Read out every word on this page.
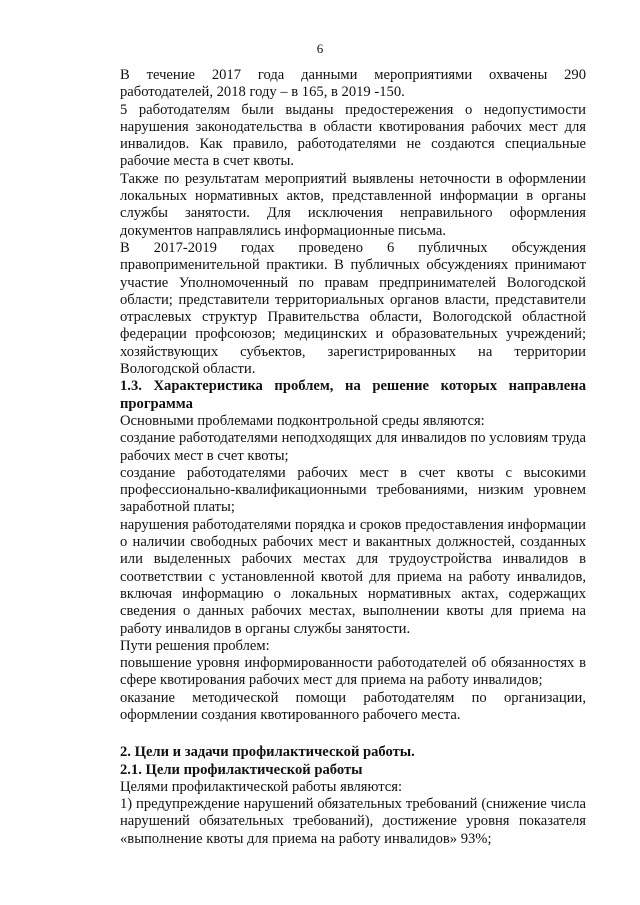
6

В течение 2017 года данными мероприятиями охвачены 290 работодателей, 2018 году – в 165, в 2019 -150.

5 работодателям были выданы предостережения о недопустимости нарушения законодательства в области квотирования рабочих мест для инвалидов. Как правило, работодателями не создаются специальные рабочие места в счет квоты.

Также по результатам мероприятий выявлены неточности в оформлении локальных нормативных актов, представленной информации в органы службы занятости. Для исключения неправильного оформления документов направлялись информационные письма.

В 2017-2019 годах проведено 6 публичных обсуждения правоприменительной практики. В публичных обсуждениях принимают участие Уполномоченный по правам предпринимателей Вологодской области; представители территориальных органов власти, представители отраслевых структур Правительства области, Вологодской областной федерации профсоюзов; медицинских и образовательных учреждений; хозяйствующих субъектов, зарегистрированных на территории Вологодской области.

1.3. Характеристика проблем, на решение которых направлена программа

Основными проблемами подконтрольной среды являются:

создание работодателями неподходящих для инвалидов по условиям труда рабочих мест в счет квоты;

создание работодателями рабочих мест в счет квоты с высокими профессионально-квалификационными требованиями, низким уровнем заработной платы;

нарушения работодателями порядка и сроков предоставления информации о наличии свободных рабочих мест и вакантных должностей, созданных или выделенных рабочих местах для трудоустройства инвалидов в соответствии с установленной квотой для приема на работу инвалидов, включая информацию о локальных нормативных актах, содержащих сведения о данных рабочих местах, выполнении квоты для приема на работу инвалидов в органы службы занятости.

Пути решения проблем:

повышение уровня информированности работодателей об обязанностях в сфере квотирования рабочих мест для приема на работу инвалидов;

оказание методической помощи работодателям по организации, оформлении создания квотированного рабочего места.

2. Цели и задачи профилактической работы.

2.1. Цели профилактической работы

Целями профилактической работы являются:

1) предупреждение нарушений обязательных требований (снижение числа нарушений обязательных требований), достижение уровня показателя «выполнение квоты для приема на работу инвалидов» 93%;
